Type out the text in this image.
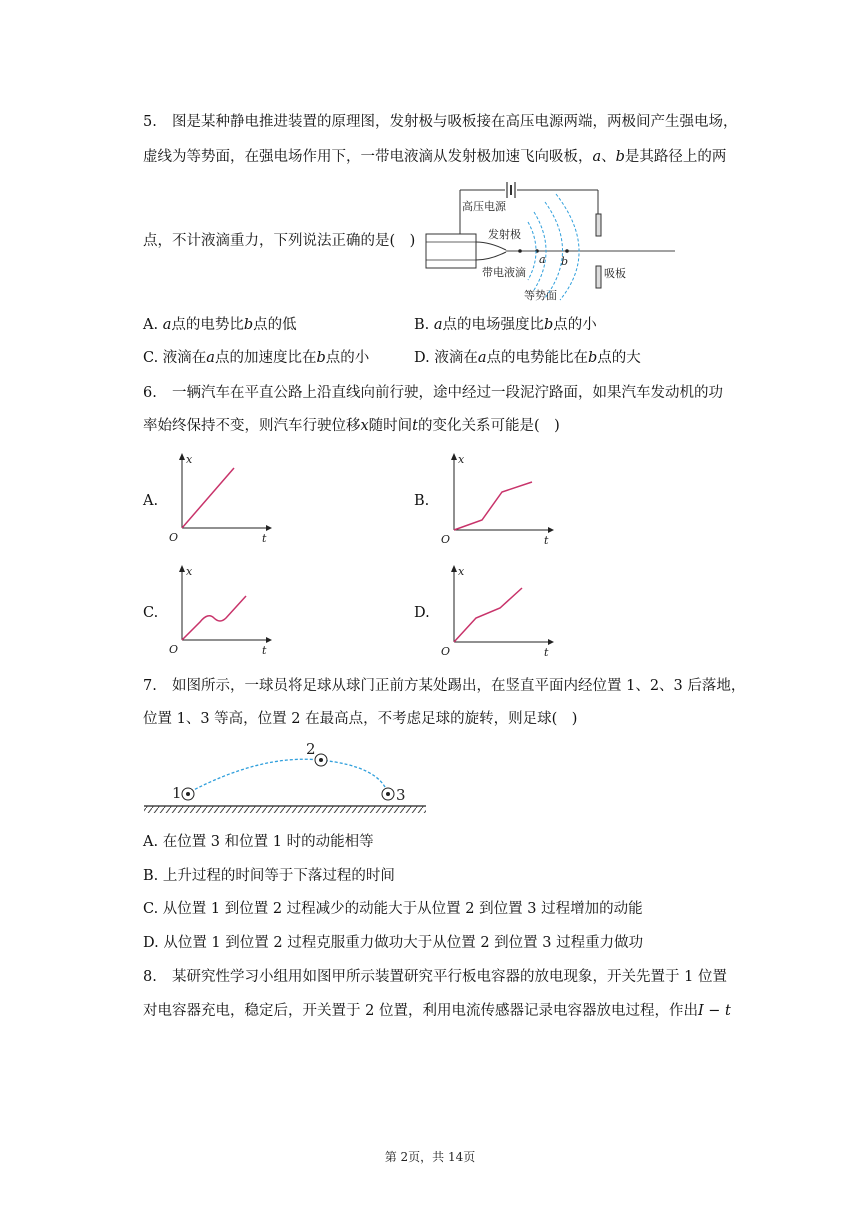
5. 图是某种静电推进装置的原理图，发射极与吸板接在高压电源两端，两极间产生强电场，
虚线为等势面，在强电场作用下，一带电液滴从发射极加速飞向吸板，𝑎、𝑏是其路径上的两
点，不计液滴重力，下列说法正确的是(　)
高压电源
发射极
a b
带电液滴
等势面
吸板
A. 𝑎点的电势比𝑏点的低	B. 𝑎点的电场强度比𝑏点的小
C. 液滴在𝑎点的加速度比在𝑏点的小	D. 液滴在𝑎点的电势能比在𝑏点的大
6. 一辆汽车在平直公路上沿直线向前行驶，途中经过一段泥泞路面，如果汽车发动机的功
率始终保持不变，则汽车行驶位移𝑥随时间𝑡的变化关系可能是(　)
A.
x
t
O
B.
x
t
O
C.
x
t
O
D.
x
t
O
7. 如图所示，一球员将足球从球门正前方某处踢出，在竖直平面内经位置 1、2、3 后落地，
位置 1、3 等高，位置 2 在最高点，不考虑足球的旋转，则足球(　)
1
2
3
A. 在位置 3 和位置 1 时的动能相等
B. 上升过程的时间等于下落过程的时间
C. 从位置 1 到位置 2 过程减少的动能大于从位置 2 到位置 3 过程增加的动能
D. 从位置 1 到位置 2 过程克服重力做功大于从位置 2 到位置 3 过程重力做功
8. 某研究性学习小组用如图甲所示装置研究平行板电容器的放电现象，开关先置于 1 位置
对电容器充电，稳定后，开关置于 2 位置，利用电流传感器记录电容器放电过程，作出𝐼 − 𝑡
第 2页，共 14页
